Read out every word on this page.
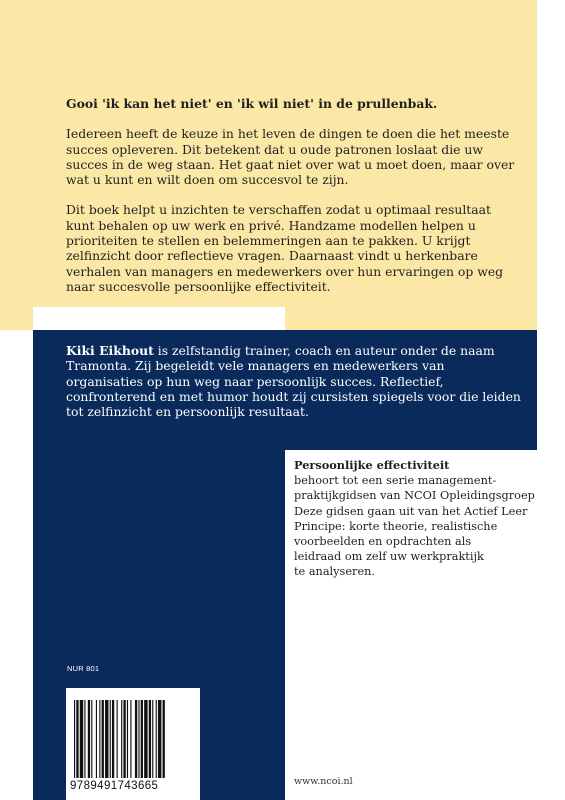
Gooi 'ik kan het niet' en 'ik wil niet' in de prullenbak.

Iedereen heeft de keuze in het leven de dingen te doen die het meeste succes opleveren. Dit betekent dat u oude patronen loslaat die uw succes in de weg staan. Het gaat niet over wat u moet doen, maar over wat u kunt en wilt doen om succesvol te zijn.

Dit boek helpt u inzichten te verschaffen zodat u optimaal resultaat kunt behalen op uw werk en privé. Handzame modellen helpen u prioriteiten te stellen en belemmeringen aan te pakken. U krijgt zelfinzicht door reflectieve vragen. Daarnaast vindt u herkenbare verhalen van managers en medewerkers over hun ervaringen op weg naar succesvolle persoonlijke effectiviteit.

Kiki Eikhout is zelfstandig trainer, coach en auteur onder de naam Tramonta. Zij begeleidt vele managers en medewerkers van organisaties op hun weg naar persoonlijk succes. Reflectief, confronterend en met humor houdt zij cursisten spiegels voor die leiden tot zelfinzicht en persoonlijk resultaat.
Persoonlijke effectiviteit
behoort tot een serie management-
praktijkgidsen van NCOI Opleidingsgroep
Deze gidsen gaan uit van het Actief Leer
Principe: korte theorie, realistische
voorbeelden en opdrachten als
leidraad om zelf uw werkpraktijk
te analyseren.
NUR 801
9789491743665	www.ncoi.nl
